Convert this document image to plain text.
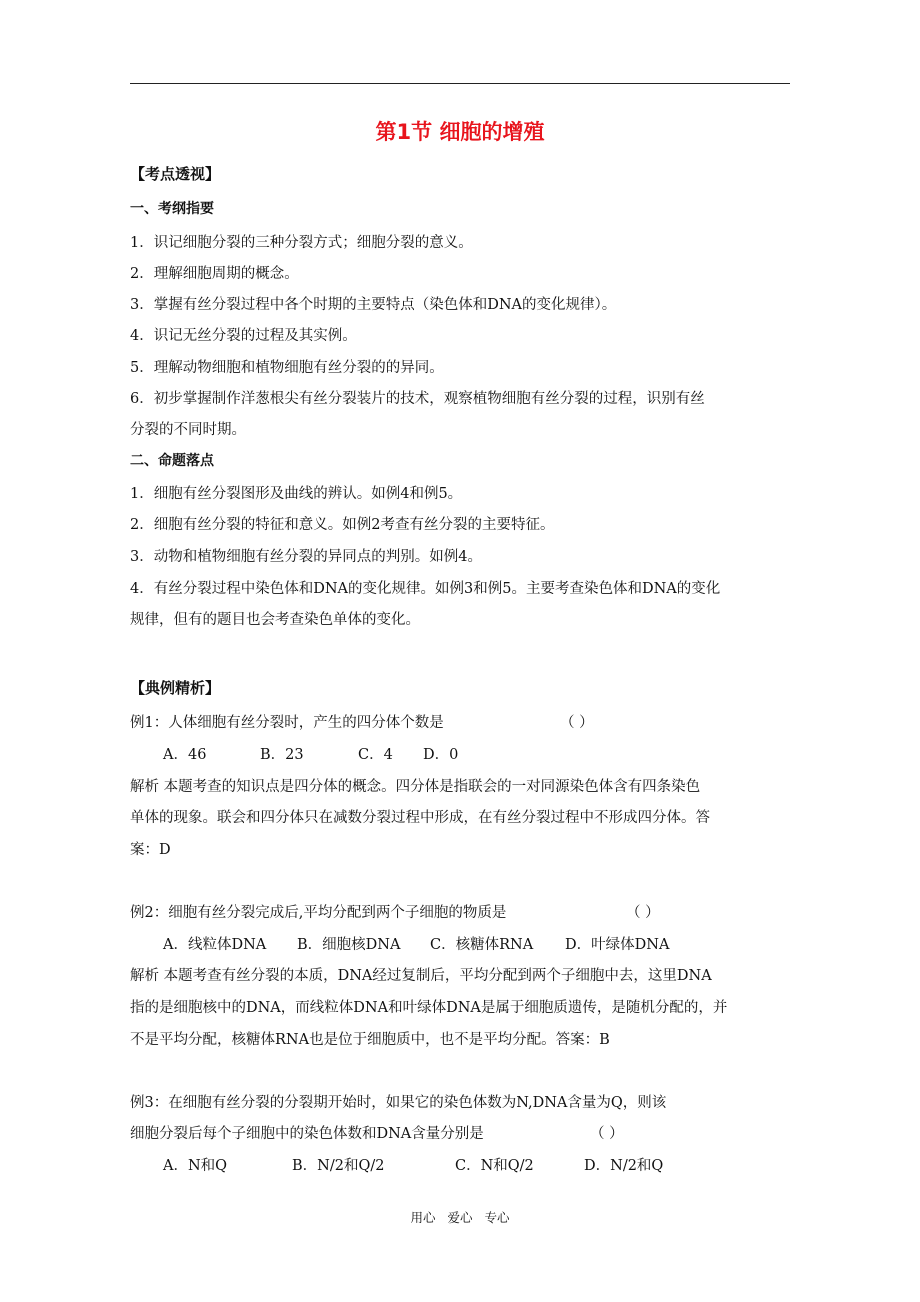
第1节 细胞的增殖
【考点透视】
一、考纲指要
1．识记细胞分裂的三种分裂方式；细胞分裂的意义。
2．理解细胞周期的概念。
3．掌握有丝分裂过程中各个时期的主要特点（染色体和DNA的变化规律）。
4．识记无丝分裂的过程及其实例。
5．理解动物细胞和植物细胞有丝分裂的的异同。
6．初步掌握制作洋葱根尖有丝分裂装片的技术，观察植物细胞有丝分裂的过程，识别有丝
分裂的不同时期。
二、命题落点
1．细胞有丝分裂图形及曲线的辨认。如例4和例5。
2．细胞有丝分裂的特征和意义。如例2考查有丝分裂的主要特征。
3．动物和植物细胞有丝分裂的异同点的判别。如例4。
4．有丝分裂过程中染色体和DNA的变化规律。如例3和例5。主要考查染色体和DNA的变化
规律，但有的题目也会考查染色单体的变化。
【典例精析】
例1：人体细胞有丝分裂时，产生的四分体个数是	（ ）
A．46	B．23	C．4 D．0
解析 本题考查的知识点是四分体的概念。四分体是指联会的一对同源染色体含有四条染色
单体的现象。联会和四分体只在减数分裂过程中形成，在有丝分裂过程中不形成四分体。答
案：D
例2：细胞有丝分裂完成后,平均分配到两个子细胞的物质是	（ ）
A．线粒体DNA B．细胞核DNA C．核糖体RNA D．叶绿体DNA
解析 本题考查有丝分裂的本质，DNA经过复制后，平均分配到两个子细胞中去，这里DNA
指的是细胞核中的DNA，而线粒体DNA和叶绿体DNA是属于细胞质遗传，是随机分配的，并
不是平均分配，核糖体RNA也是位于细胞质中，也不是平均分配。答案：B
例3：在细胞有丝分裂的分裂期开始时，如果它的染色体数为N,DNA含量为Q，则该
细胞分裂后每个子细胞中的染色体数和DNA含量分别是	（ ）
A．N和Q	B．N/2和Q/2	C．N和Q/2	D．N/2和Q
用心 爱心 专心
